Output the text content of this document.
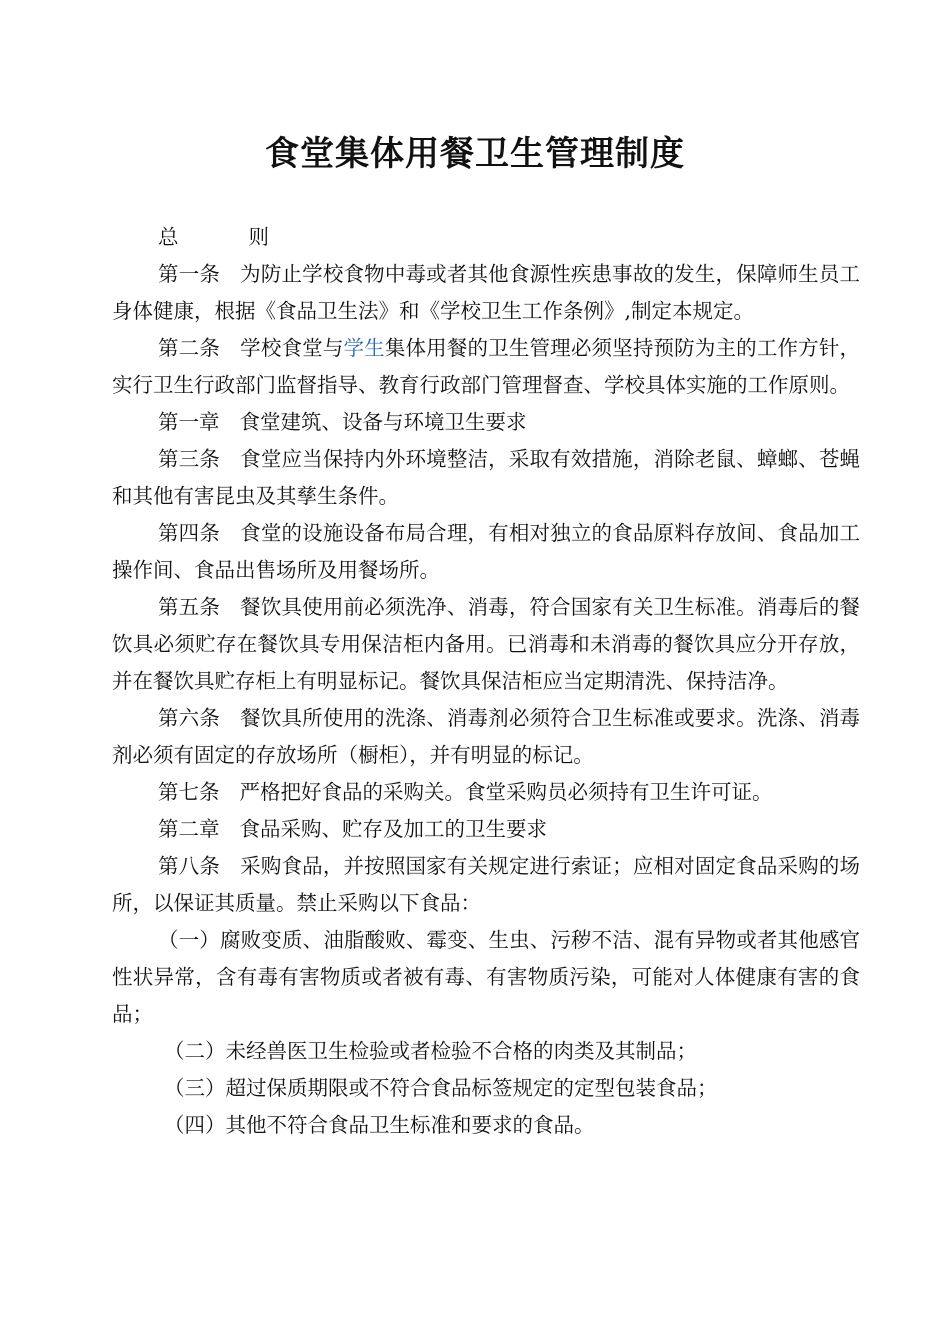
食堂集体用餐卫生管理制度

总	则

第一条 为防止学校食物中毒或者其他食源性疾患事故的发生，保障师生员工身体健康，根据《食品卫生法》和《学校卫生工作条例》,制定本规定。

第二条 学校食堂与学生集体用餐的卫生管理必须坚持预防为主的工作方针，实行卫生行政部门监督指导、教育行政部门管理督查、学校具体实施的工作原则。

第一章 食堂建筑、设备与环境卫生要求

第三条 食堂应当保持内外环境整洁，采取有效措施，消除老鼠、蟑螂、苍蝇和其他有害昆虫及其孳生条件。

第四条 食堂的设施设备布局合理，有相对独立的食品原料存放间、食品加工操作间、食品出售场所及用餐场所。

第五条 餐饮具使用前必须洗净、消毒，符合国家有关卫生标准。消毒后的餐饮具必须贮存在餐饮具专用保洁柜内备用。已消毒和未消毒的餐饮具应分开存放，并在餐饮具贮存柜上有明显标记。餐饮具保洁柜应当定期清洗、保持洁净。

第六条 餐饮具所使用的洗涤、消毒剂必须符合卫生标准或要求。洗涤、消毒剂必须有固定的存放场所（橱柜），并有明显的标记。

第七条 严格把好食品的采购关。食堂采购员必须持有卫生许可证。

第二章 食品采购、贮存及加工的卫生要求

第八条 采购食品，并按照国家有关规定进行索证；应相对固定食品采购的场所，以保证其质量。禁止采购以下食品：

（一）腐败变质、油脂酸败、霉变、生虫、污秽不洁、混有异物或者其他感官性状异常，含有毒有害物质或者被有毒、有害物质污染，可能对人体健康有害的食品；

（二）未经兽医卫生检验或者检验不合格的肉类及其制品；

（三）超过保质期限或不符合食品标签规定的定型包装食品；

（四）其他不符合食品卫生标准和要求的食品。
